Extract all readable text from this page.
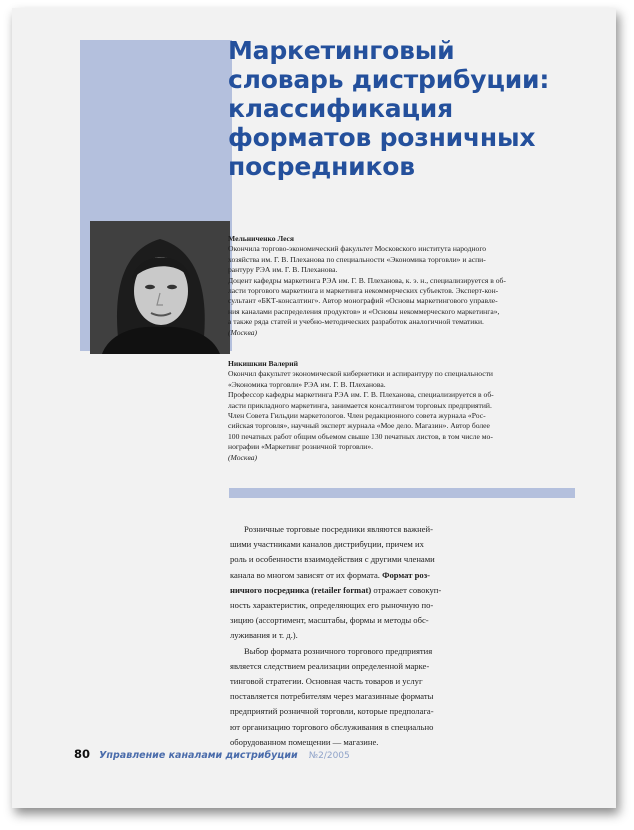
Маркетинговый
словарь дистрибуции:
классификация
форматов розничных
посредников
Мельниченко Леся
Окончила торгово-экономический факультет Московского института народного
хозяйства им. Г. В. Плеханова по специальности «Экономика торговли» и аспи-
рантуру РЭА им. Г. В. Плеханова.
Доцент кафедры маркетинга РЭА им. Г. В. Плеханова, к. э. н., специализируется в об-
ласти торгового маркетинга и маркетинга некоммерческих субъектов. Эксперт-кон-
сультант «БКТ-консалтинг». Автор монографий «Основы маркетингового управле-
ния каналами распределения продуктов» и «Основы некоммерческого маркетинга»,
а также ряда статей и учебно-методических разработок аналогичной тематики.
(Москва)
Никишкин Валерий
Окончил факультет экономической кибернетики и аспирантуру по специальности
«Экономика торговли» РЭА им. Г. В. Плеханова.
Профессор кафедры маркетинга РЭА им. Г. В. Плеханова, специализируется в об-
ласти прикладного маркетинга, занимается консалтингом торговых предприятий.
Член Совета Гильдии маркетологов. Член редакционного совета журнала «Рос-
сийская торговля», научный эксперт журнала «Мое дело. Магазин». Автор более
100 печатных работ общим объемом свыше 130 печатных листов, в том числе мо-
нографии «Маркетинг розничной торговли».
(Москва)
Розничные торговые посредники являются важней-
шими участниками каналов дистрибуции, причем их
роль и особенности взаимодействия с другими членами
канала во многом зависят от их формата. Формат роз-
ничного посредника (retailer format) отражает совокуп-
ность характеристик, определяющих его рыночную по-
зицию (ассортимент, масштабы, формы и методы обс-
луживания и т. д.).
Выбор формата розничного торгового предприятия
является следствием реализации определенной марке-
тинговой стратегии. Основная часть товаров и услуг
поставляется потребителям через магазинные форматы
предприятий розничной торговли, которые предполага-
ют организацию торгового обслуживания в специально
оборудованном помещении — магазине.
80 Управление каналами дистрибуции №2/2005
